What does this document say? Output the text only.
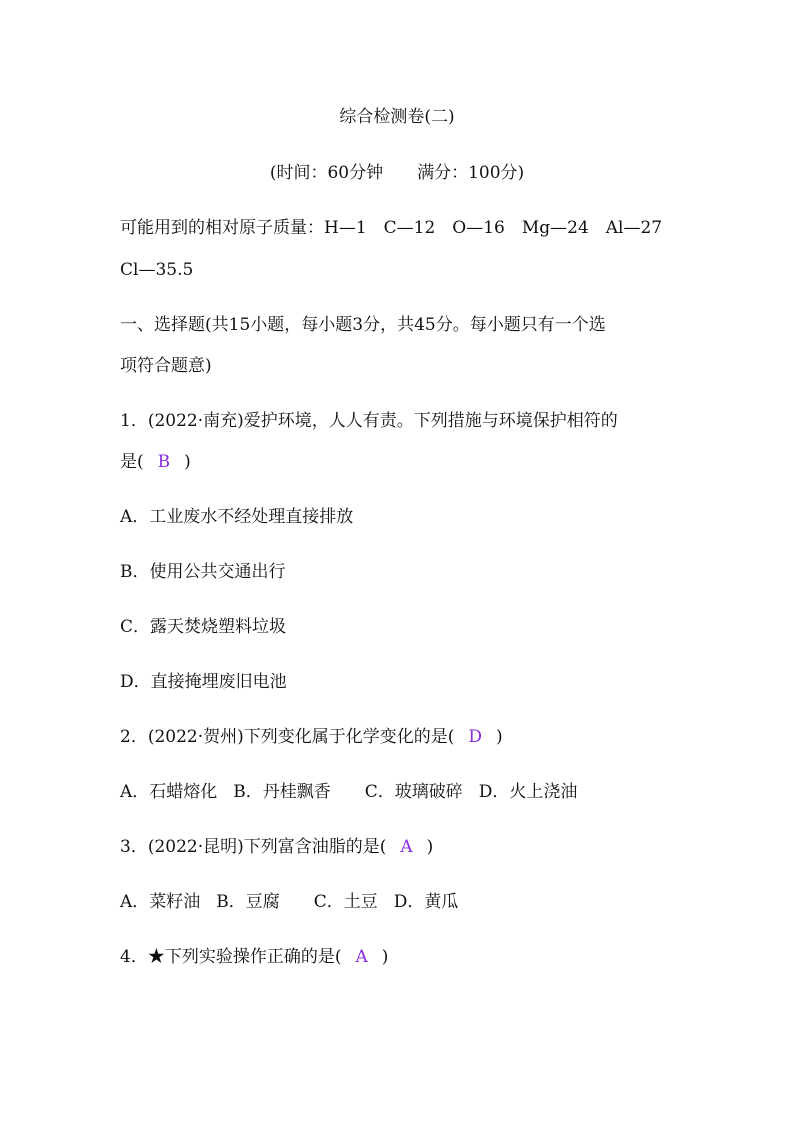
综合检测卷(二)
(时间：60分钟 满分：100分)
可能用到的相对原子质量：H—1　C—12　O—16　Mg—24　Al—27
Cl—35.5
一、选择题(共15小题，每小题3分，共45分。每小题只有一个选
项符合题意)
1．(2022·南充)爱护环境，人人有责。下列措施与环境保护相符的
是( B )
A．工业废水不经处理直接排放
B．使用公共交通出行
C．露天焚烧塑料垃圾
D．直接掩埋废旧电池
2．(2022·贺州)下列变化属于化学变化的是( D )
A．石蜡熔化 B．丹桂飘香 C．玻璃破碎 D．火上浇油
3．(2022·昆明)下列富含油脂的是( A )
A．菜籽油 B．豆腐 C．土豆 D．黄瓜
4．★下列实验操作正确的是( A )
